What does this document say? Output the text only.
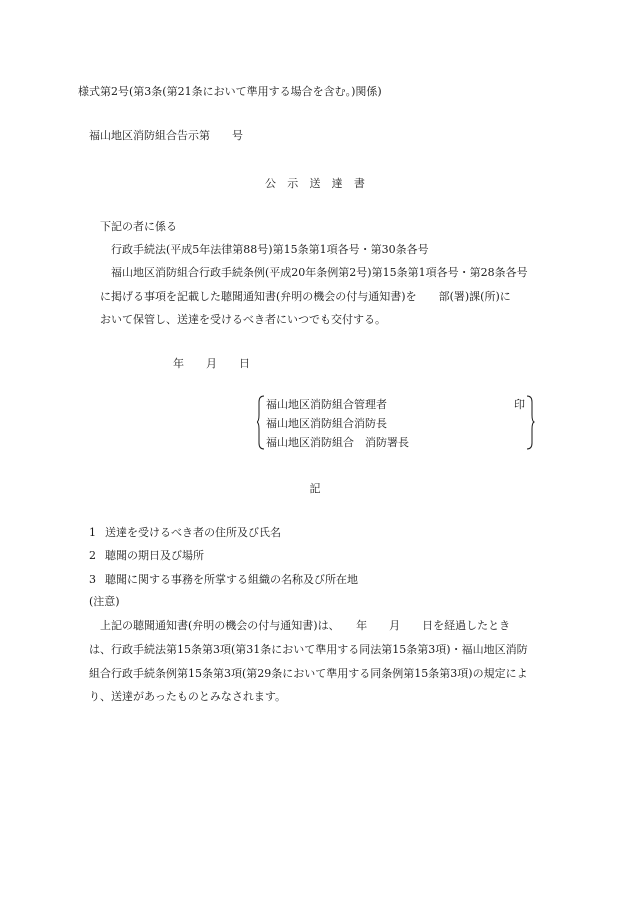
様式第2号(第3条(第21条において準用する場合を含む。)関係)
福山地区消防組合告示第　　号
公　示　送　達　書
下記の者に係る
行政手続法(平成5年法律第88号)第15条第1項各号・第30条各号
福山地区消防組合行政手続条例(平成20年条例第2号)第15条第1項各号・第28条各号
に掲げる事項を記載した聴聞通知書(弁明の機会の付与通知書)を　　部(署)課(所)に
おいて保管し、送達を受けるべき者にいつでも交付する。
年　　月　　日
福山地区消防組合管理者	印
福山地区消防組合消防長
福山地区消防組合　消防署長
記
1 送達を受けるべき者の住所及び氏名
2 聴聞の期日及び場所
3 聴聞に関する事務を所掌する組織の名称及び所在地
(注意)
上記の聴聞通知書(弁明の機会の付与通知書)は、　　年　　月　　日を経過したとき
は、行政手続法第15条第3項(第31条において準用する同法第15条第3項)・福山地区消防
組合行政手続条例第15条第3項(第29条において準用する同条例第15条第3項)の規定によ
り、送達があったものとみなされます。
